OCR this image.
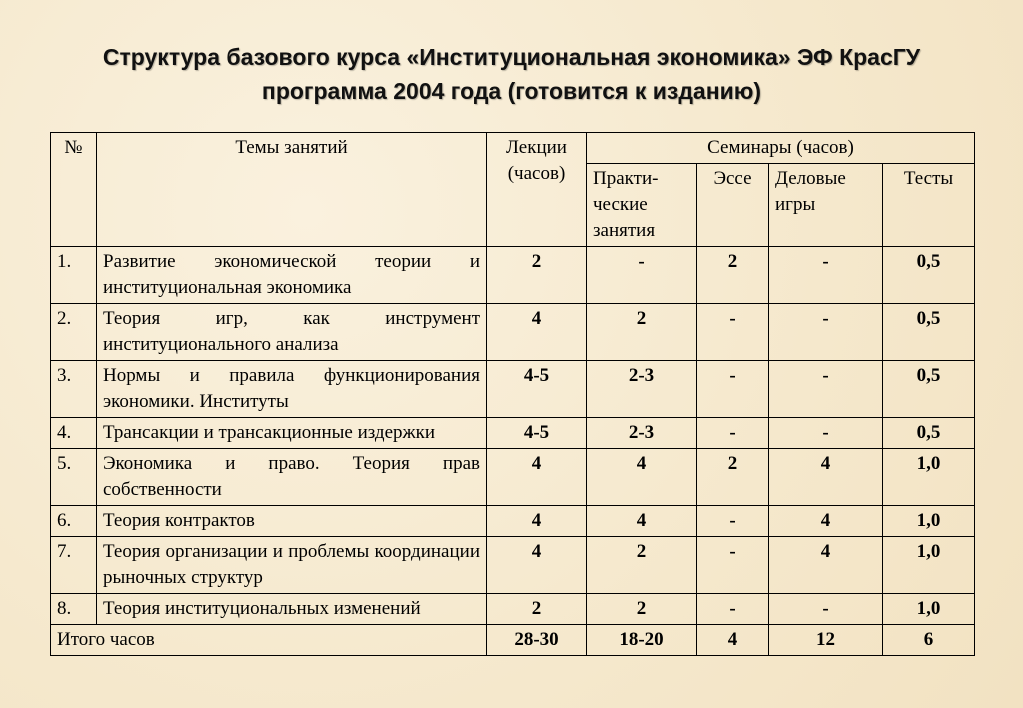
Структура базового курса «Институциональная экономика» ЭФ КрасГУ
программа 2004 года (готовится к изданию)
№	Темы занятий	Лекции (часов)	Семинары (часов)			
			Практи-ческие занятия	Эссе	Деловые игры	Тесты
1.	Развитие экономической теории и институциональная экономика	2	-	2	-	0,5
2.	Теория игр, как инструмент институционального анализа	4	2	-	-	0,5
3.	Нормы и правила функционирования экономики. Институты	4-5	2-3	-	-	0,5
4.	Трансакции и трансакционные издержки	4-5	2-3	-	-	0,5
5.	Экономика и право. Теория прав собственности	4	4	2	4	1,0
6.	Теория контрактов	4	4	-	4	1,0
7.	Теория организации и проблемы координации рыночных структур	4	2	-	4	1,0
8.	Теория институциональных изменений	2	2	-	-	1,0
Итого часов		28-30	18-20	4	12	6
